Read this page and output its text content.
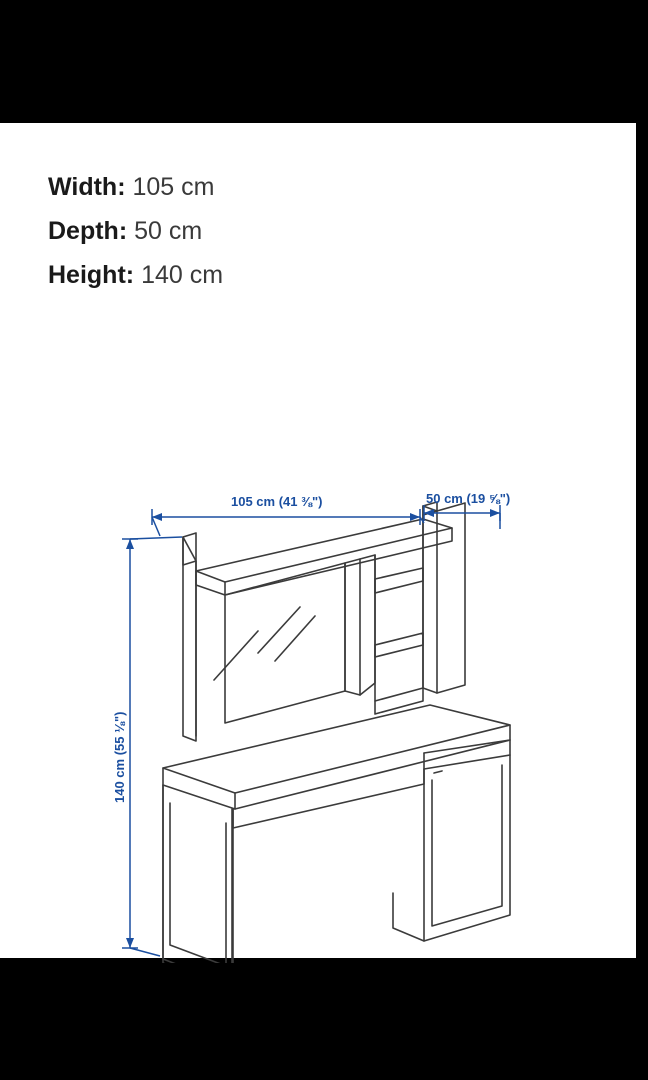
Width: 105 cm
Depth: 50 cm
Height: 140 cm
105 cm (41 ⅜")	50 cm (19 ⅝")
140 cm (55 ⅛")
